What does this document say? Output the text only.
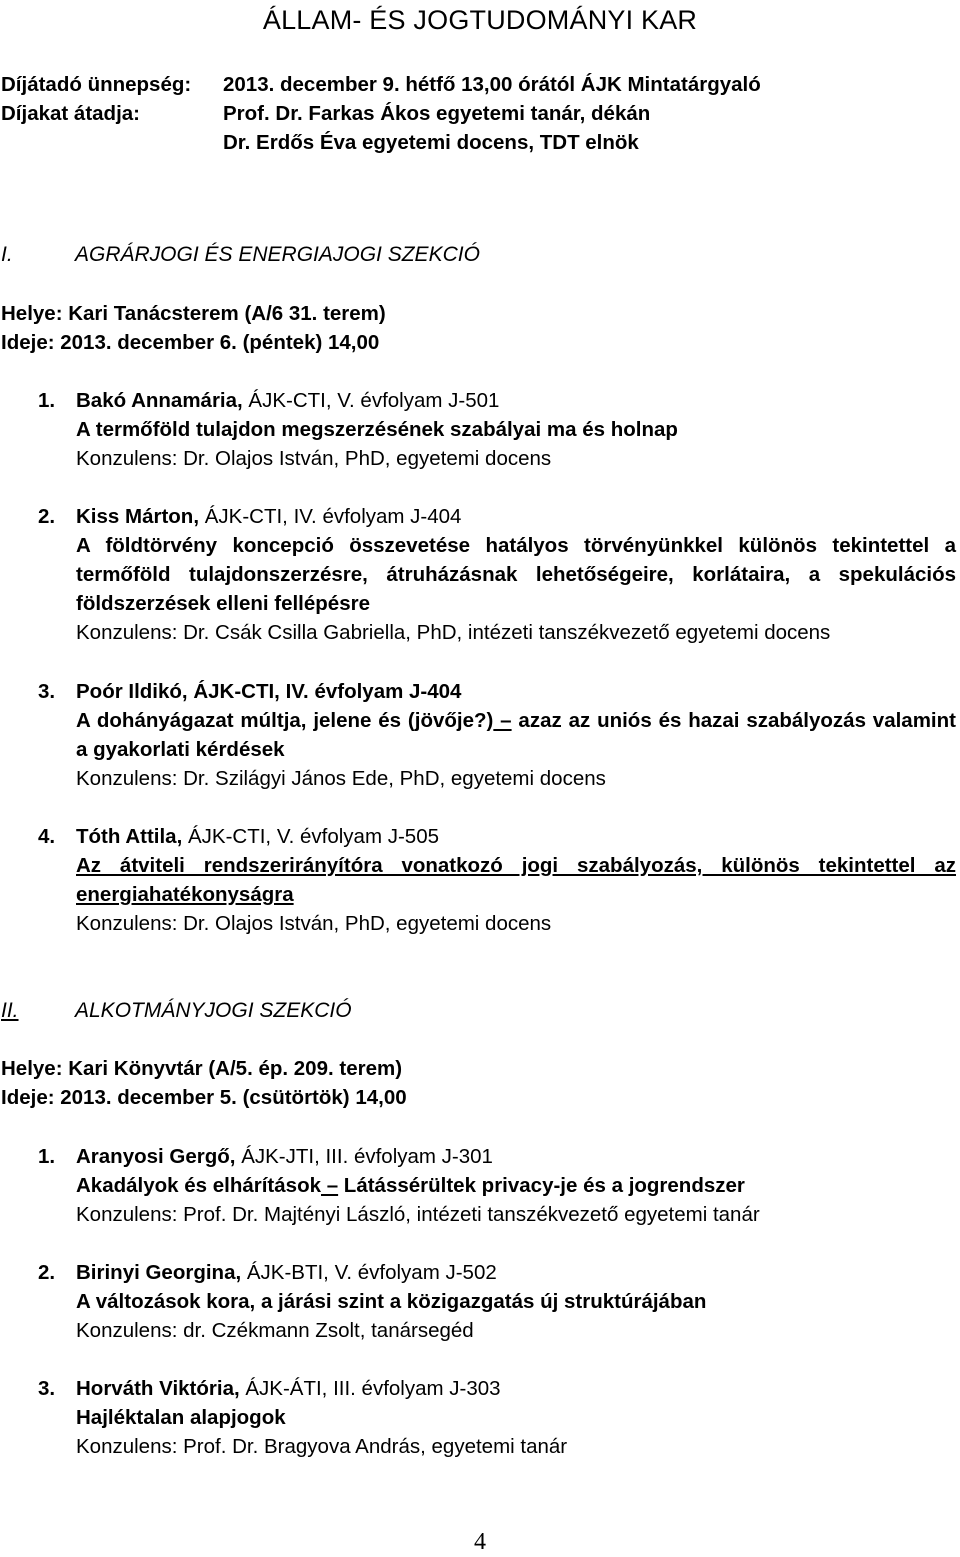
ÁLLAM- ÉS JOGTUDOMÁNYI KAR
Díjátadó ünnepség: 2013. december 9. hétfő 13,00 órától ÁJK Mintatárgyaló
Díjakat átadja:	Prof. Dr. Farkas Ákos egyetemi tanár, dékán
Dr. Erdős Éva egyetemi docens, TDT elnök
I.	AGRÁRJOGI ÉS ENERGIAJOGI SZEKCIÓ
Helye: Kari Tanácsterem (A/6 31. terem)
Ideje: 2013. december 6. (péntek) 14,00
1. Bakó Annamária, ÁJK-CTI, V. évfolyam J-501
A termőföld tulajdon megszerzésének szabályai ma és holnap
Konzulens: Dr. Olajos István, PhD, egyetemi docens
2. Kiss Márton, ÁJK-CTI, IV. évfolyam J-404
A földtörvény koncepció összevetése hatályos törvényünkkel különös tekintettel a termőföld tulajdonszerzésre, átruházásnak lehetőségeire, korlátaira, a spekulációs földszerzések elleni fellépésre
Konzulens: Dr. Csák Csilla Gabriella, PhD, intézeti tanszékvezető egyetemi docens
3. Poór Ildikó, ÁJK-CTI, IV. évfolyam J-404
A dohányágazat múltja, jelene és (jövője?) – azaz az uniós és hazai szabályozás valamint a gyakorlati kérdések
Konzulens: Dr. Szilágyi János Ede, PhD, egyetemi docens
4. Tóth Attila, ÁJK-CTI, V. évfolyam J-505
Az átviteli rendszerirányítóra vonatkozó jogi szabályozás, különös tekintettel az energiahatékonyságra
Konzulens: Dr. Olajos István, PhD, egyetemi docens
II.	ALKOTMÁNYJOGI SZEKCIÓ
Helye: Kari Könyvtár (A/5. ép. 209. terem)
Ideje: 2013. december 5. (csütörtök) 14,00
1. Aranyosi Gergő, ÁJK-JTI, III. évfolyam J-301
Akadályok és elhárítások – Látássérültek privacy-je és a jogrendszer
Konzulens: Prof. Dr. Majtényi László, intézeti tanszékvezető egyetemi tanár
2. Birinyi Georgina, ÁJK-BTI, V. évfolyam J-502
A változások kora, a járási szint a közigazgatás új struktúrájában
Konzulens: dr. Czékmann Zsolt, tanársegéd
3. Horváth Viktória, ÁJK-ÁTI, III. évfolyam J-303
Hajléktalan alapjogok
Konzulens: Prof. Dr. Bragyova András, egyetemi tanár
4
